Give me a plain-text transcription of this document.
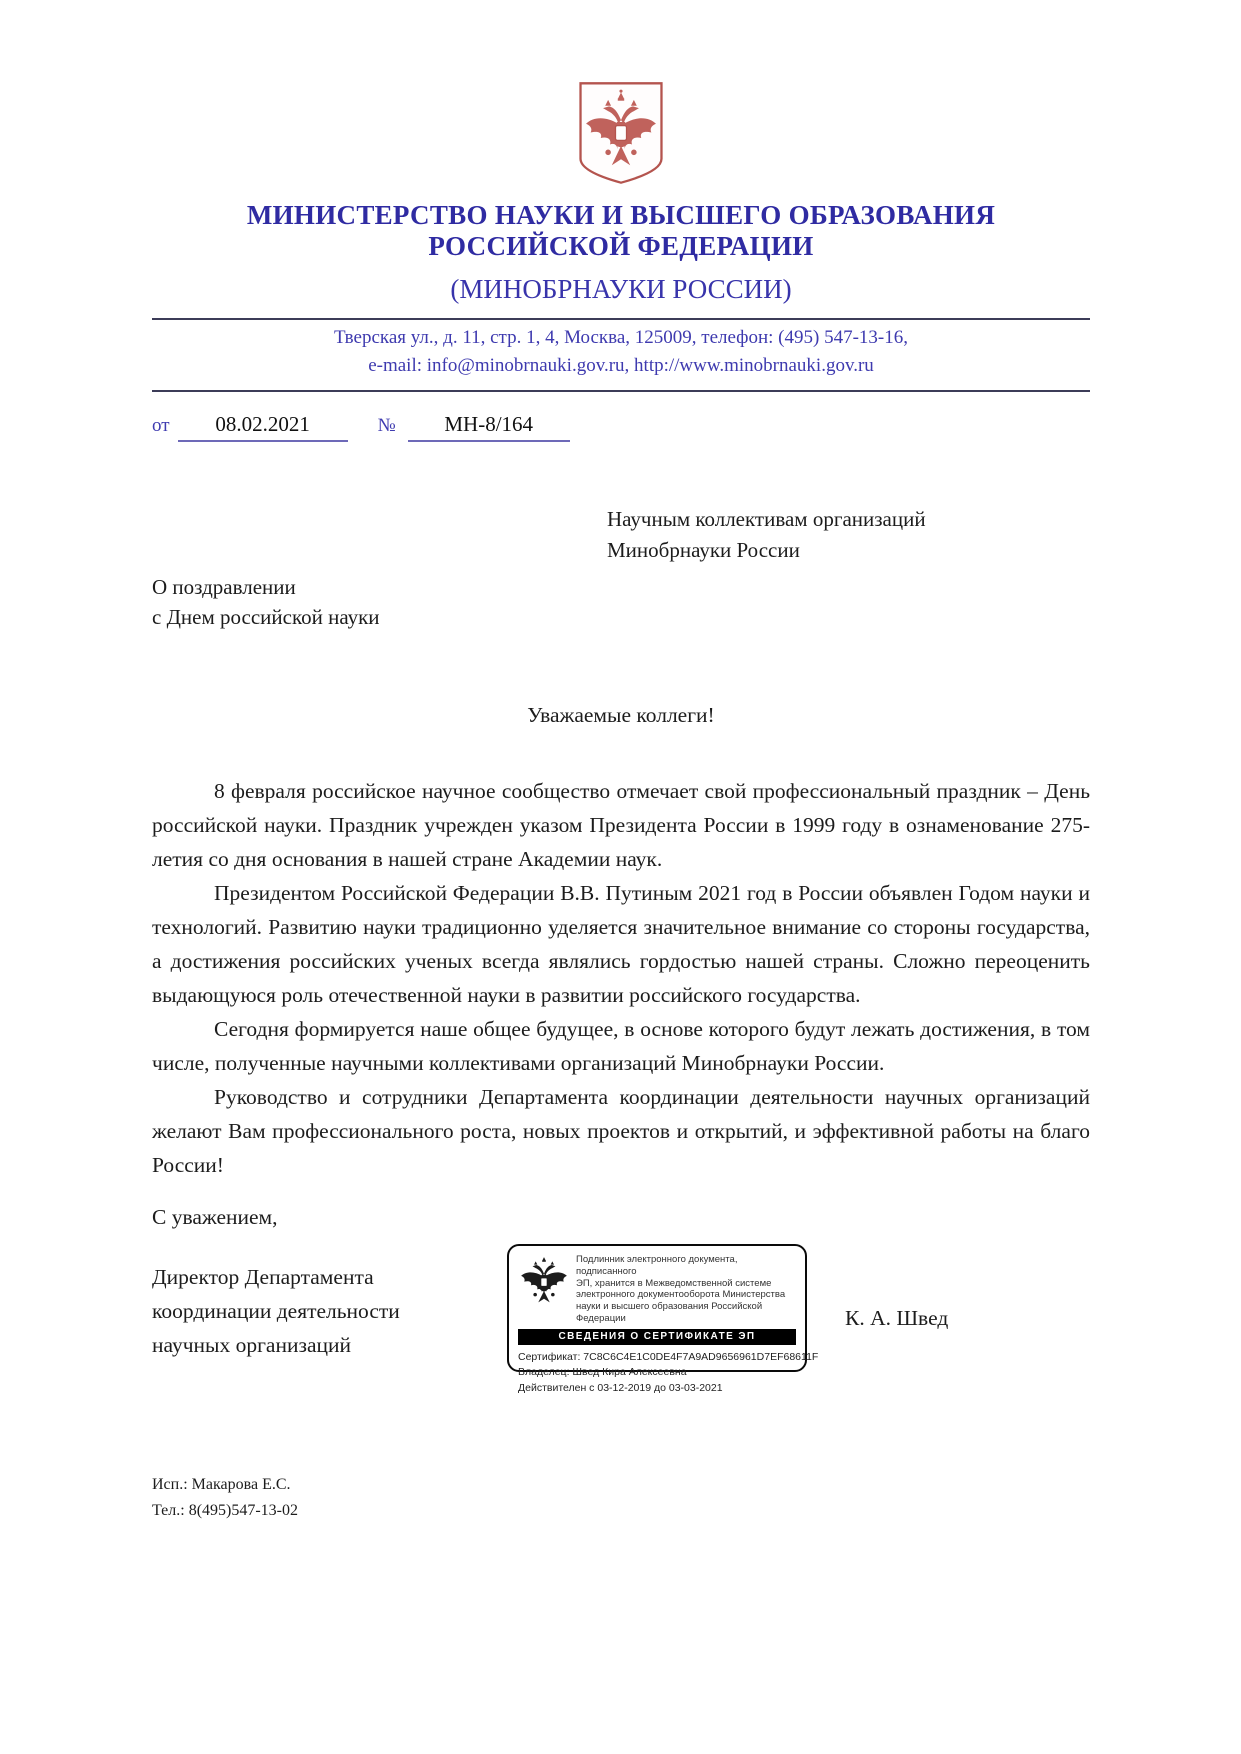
МИНИСТЕРСТВО НАУКИ И ВЫСШЕГО ОБРАЗОВАНИЯ
РОССИЙСКОЙ ФЕДЕРАЦИИ
(МИНОБРНАУКИ РОССИИ)
Тверская ул., д. 11, стр. 1, 4, Москва, 125009, телефон: (495) 547-13-16,
e-mail: info@minobrnauki.gov.ru, http://www.minobrnauki.gov.ru
от 08.02.2021	№ МН-8/164
Научным коллективам организаций
Минобрнауки России
О поздравлении
с Днем российской науки
Уважаемые коллеги!

8 февраля российское научное сообщество отмечает свой профессиональный праздник – День российской науки. Праздник учрежден указом Президента России в 1999 году в ознаменование 275-летия со дня основания в нашей стране Академии наук.

Президентом Российской Федерации В.В. Путиным 2021 год в России объявлен Годом науки и технологий. Развитию науки традиционно уделяется значительное внимание со стороны государства, а достижения российских ученых всегда являлись гордостью нашей страны. Сложно переоценить выдающуюся роль отечественной науки в развитии российского государства.

Сегодня формируется наше общее будущее, в основе которого будут лежать достижения, в том числе, полученные научными коллективами организаций Минобрнауки России.

Руководство и сотрудники Департамента координации деятельности научных организаций желают Вам профессионального роста, новых проектов и открытий, и эффективной работы на благо России!

С уважением,
Директор Департамента
координации деятельности
научных организаций
Подлинник электронного документа, подписанного
ЭП, хранится в Межведомственной системе
электронного документооборота Министерства
науки и высшего образования Российской Федерации
СВЕДЕНИЯ О СЕРТИФИКАТЕ ЭП
Сертификат: 7C8C6C4E1C0DE4F7A9AD9656961D7EF68611F
Владелец: Швед Кира Алексеевна
Действителен с 03-12-2019 до 03-03-2021
К. А. Швед
Исп.: Макарова Е.С.
Тел.: 8(495)547-13-02
